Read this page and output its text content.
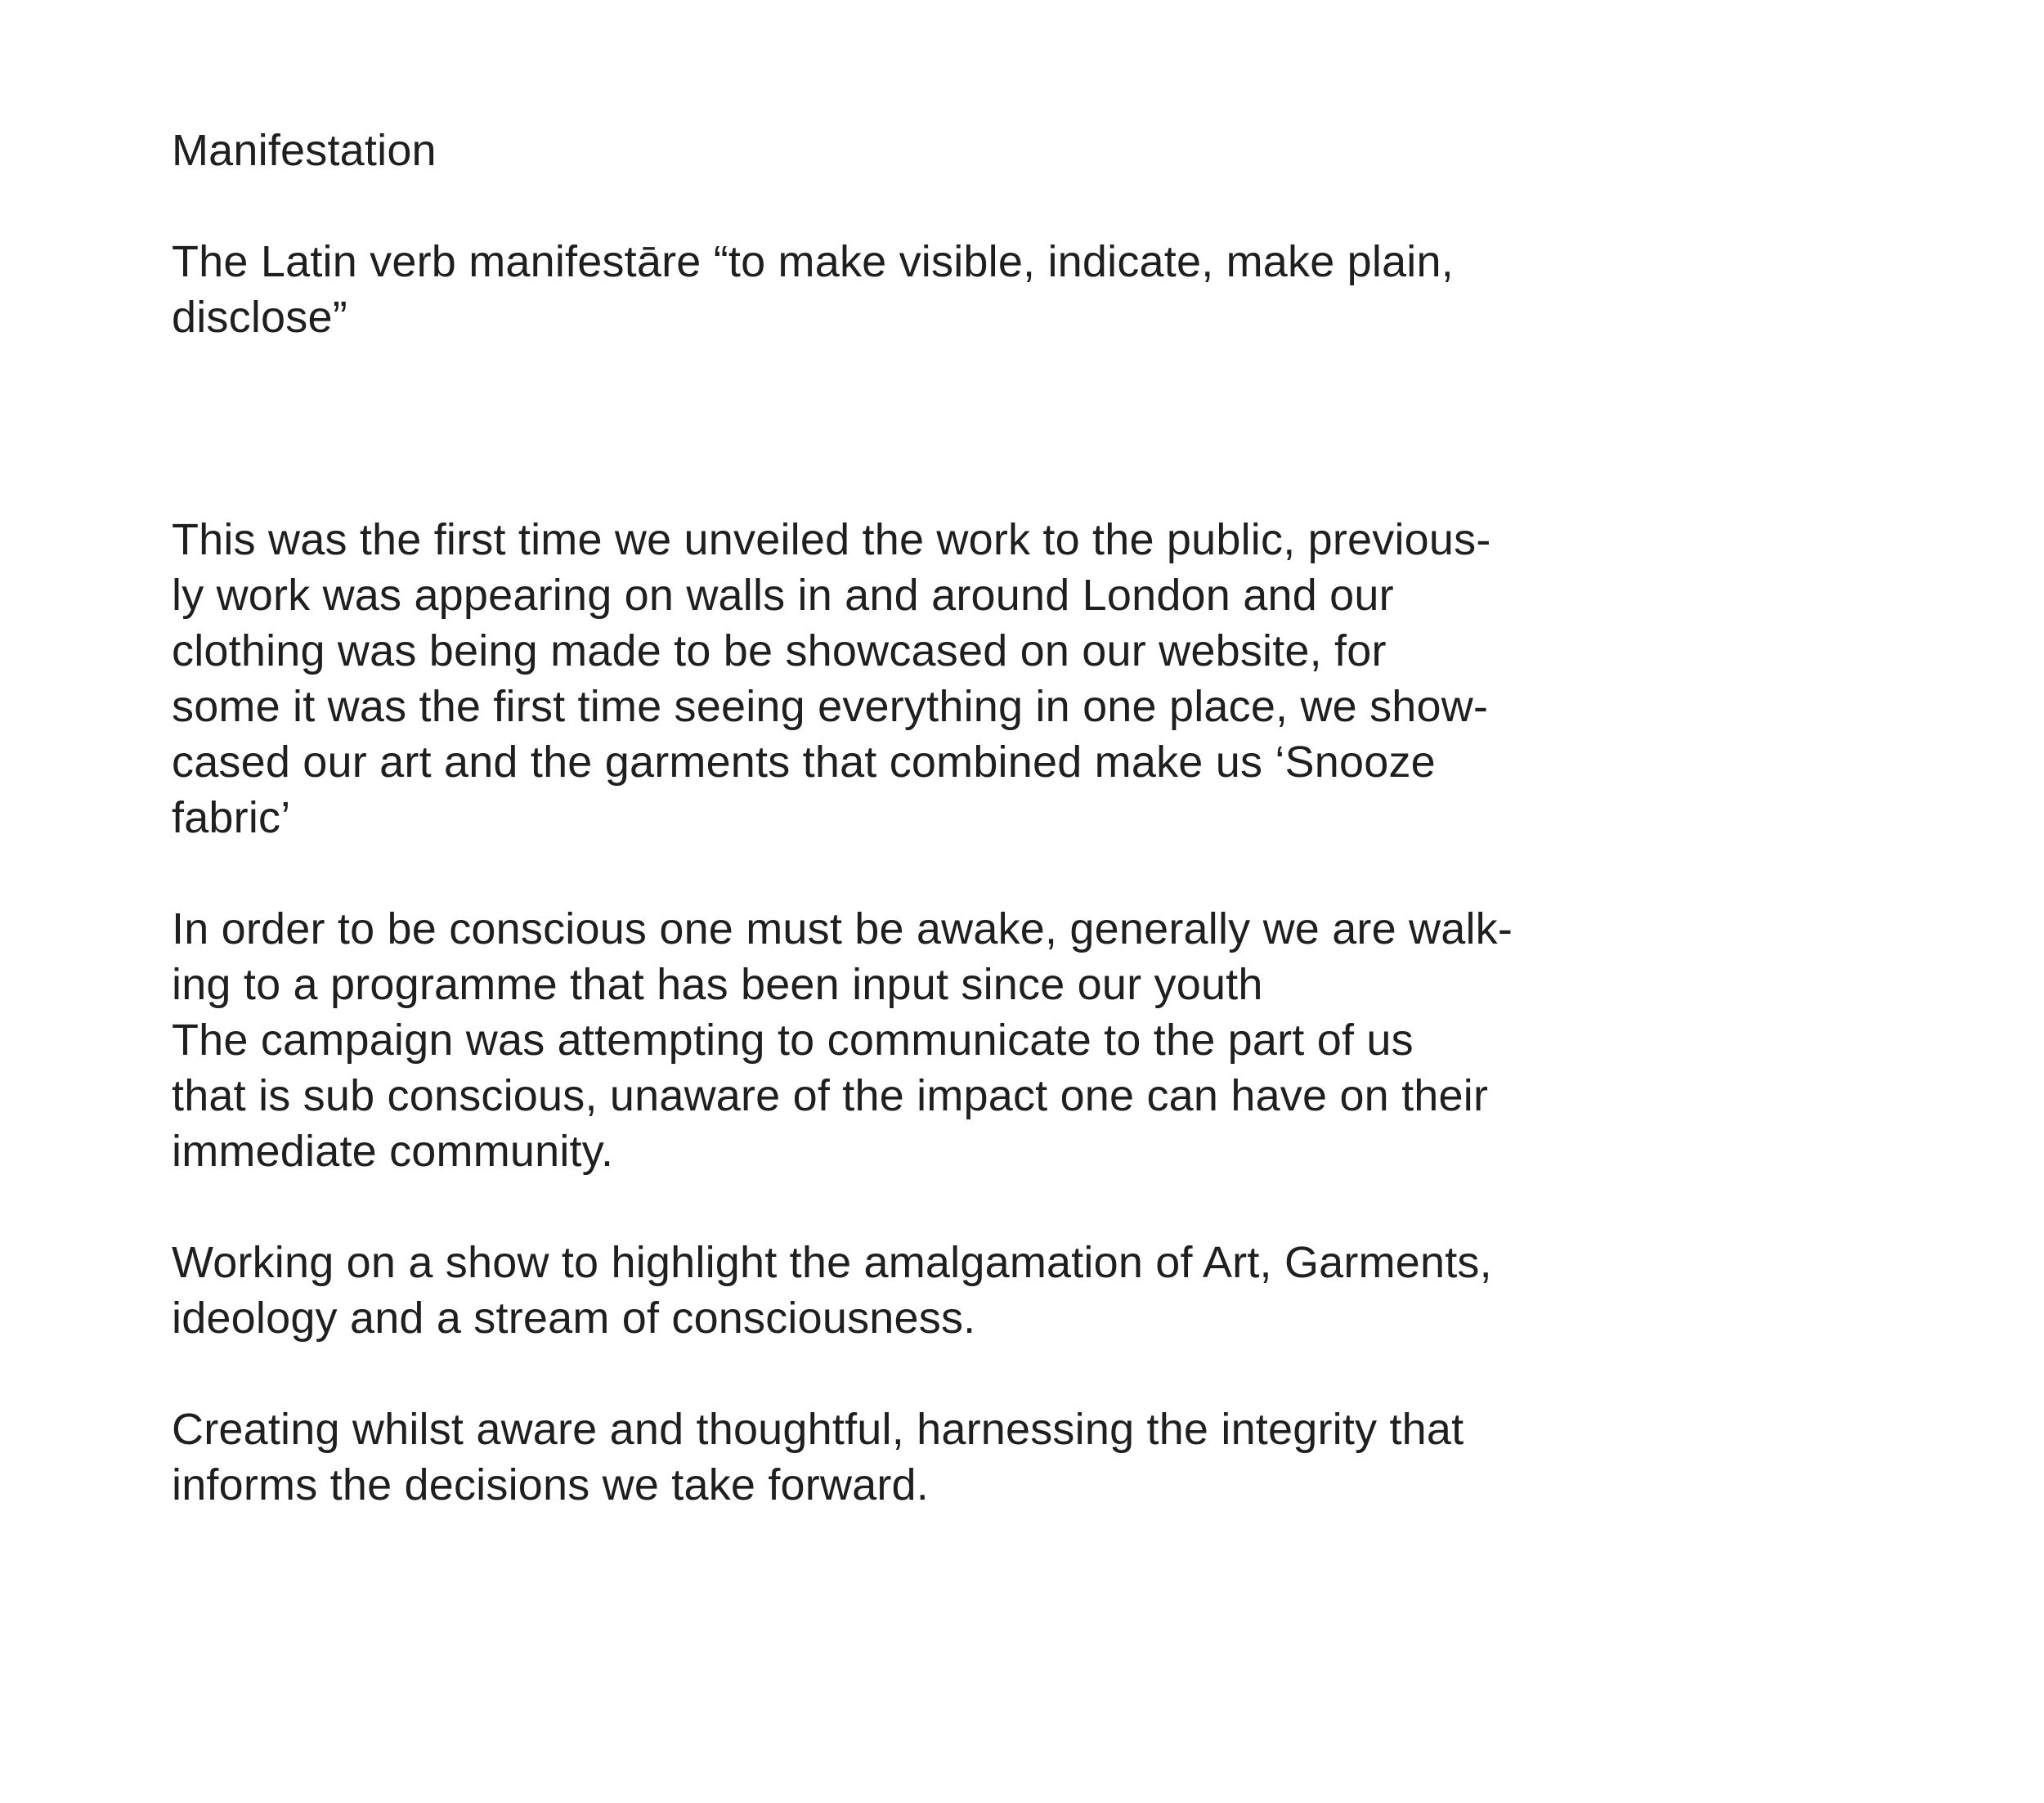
Manifestation
The Latin verb manifestāre “to make visible, indicate, make plain,
disclose”
This was the first time we unveiled the work to the public, previous-
ly work was appearing on walls in and around London and our
clothing was being made to be showcased on our website, for
some it was the first time seeing everything in one place, we show-
cased our art and the garments that combined make us ‘Snooze
fabric’
In order to be conscious one must be awake, generally we are walk-
ing to a programme that has been input since our youth
The campaign was attempting to communicate to the part of us
that is sub conscious, unaware of the impact one can have on their
immediate community.
Working on a show to highlight the amalgamation of Art, Garments,
ideology and a stream of consciousness.
Creating whilst aware and thoughtful, harnessing the integrity that
informs the decisions we take forward.
